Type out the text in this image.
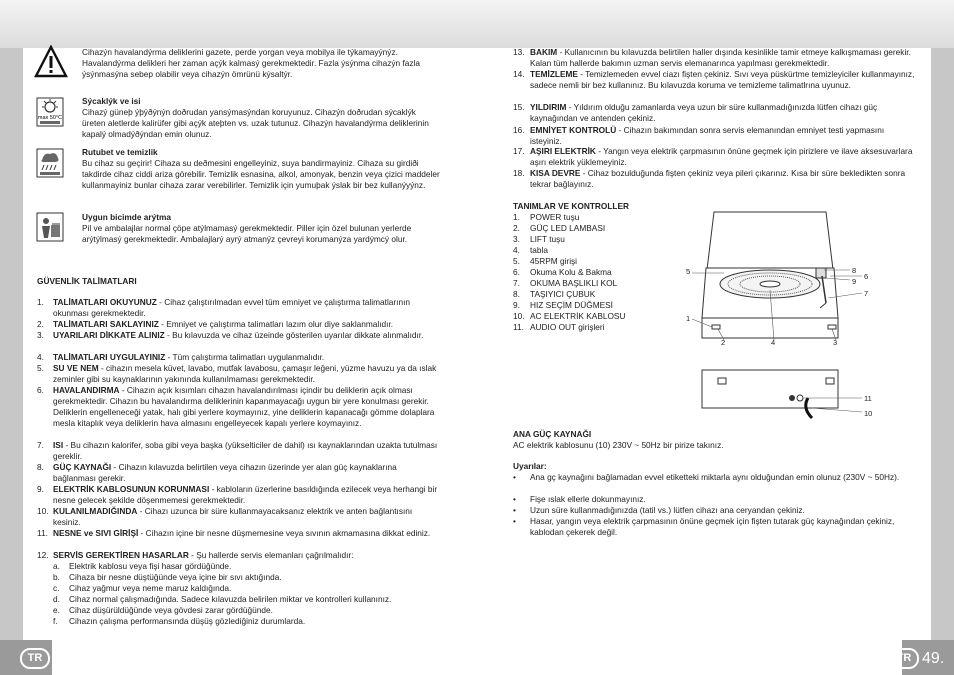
Cihazýn havalandýrma deliklerini gazete, perde yorgan veya mobilya ile týkamayýnýz. Havalandýrma delikleri her zaman açýk kalmasý gerekmektedir. Fazla ýsýnma cihazýn fazla ýsýnmasýna sebep olabilir veya cihazýn ömrünü kýsaltýr.
max 50°C
Sýcaklýk ve isi
Cihazý güneþ ýþýðýnýn doðrudan yansýmasýndan koruyunuz. Cihazýn doðrudan sýcaklýk üreten aletlerde kalirüfer gibi açýk ateþten vs. uzak tutunuz. Cihazýn havalandýrma deliklerinin kapalý olmadýðýndan emin olunuz.
Rutubet ve temizlik
Bu cihaz su geçirir! Cihaza su deðmesini engelleyiniz, suya bandirmayiniz. Cihaza su girdiði takdirde cihaz ciddi ariza görebilir. Temizlik esnasina, alkol, amonyak, benzin veya çizici maddeler kullanmayiniz bunlar cihaza zarar verebilirler. Temizlik için yumuþak ýslak bir bez kullanýyýnz.
Uygun bicimde arýtma
Pil ve ambalajlar normal çöpe atýlmamasý gerekmektedir. Piller için özel bulunan yerlerde arýtýlmasý gerekmektedir. Ambalajlarý ayrý atmanýz çevreyi korumanýza yardýmcý olur.
GÜVENLİK TALİMATLARI
1. TALİMATLARI OKUYUNUZ - Cihaz çalıştırılmadan evvel tüm emniyet ve çalıştırma talimatlarının okunması gerekmektedir.
2. TALİMATLARI SAKLAYINIZ - Emniyet ve çalıştırma talimatları lazım olur diye saklanmalıdır.
3. UYARILARI DİKKATE ALINIZ - Bu kılavuzda ve cihaz üzeinde gösterilen uyarılar dikkate alınmalıdır.
4. TALİMATLARI UYGULAYINIZ - Tüm çalıştırma talimatları uygulanmalıdır.
5. SU VE NEM - cihazın mesela küvet, lavabo, mutfak lavabosu, çamaşır leğeni, yüzme havuzu ya da ıslak zeminler gibi su kaynaklarının yakınında kullanılmaması gerekmektedir.
6. HAVALANDIRMA - Cihazın açık kısımları cihazın havalandırılması içindir bu deliklerin açık olması gerekmektedir. Cihazın bu havalandırma deliklerinin kapanmayacağı uygun bir yere konulması gerekir. Deliklerin engelleneceği yatak, halı gibi yerlere koymayınız, yine deliklerin kapanacağı gömme dolaplara mesla kitaplık veya deliklerin hava almasını engelleyecek kapalı yerlere koymayınız.
7. ISI - Bu cihazın kalorifer, soba gibi veya başka (yükselticiler de dahil) ısı kaynaklarından uzakta tutulması gereklir.
8. GÜÇ KAYNAĞI - Cihazın kılavuzda belirtilen veya cihazın üzerinde yer alan güç kaynaklarına bağlanması gerekir.
9. ELEKTRİK KABLOSUNUN KORUNMASI - kabloların üzerlerine basıldığında ezilecek veya herhangi bir nesne gelecek şekilde döşenmemesi gerekmektedir.
10. KULANILMADIĞINDA - Cihazı uzunca bir süre kullanmayacaksanız elektrik ve anten bağlantısını kesiniz.
11. NESNE ve SIVI GİRİŞİ - Cihazın içine bir nesne düşmemesine veya sıvının akmamasına dikkat ediniz.
12. SERVİS GEREKTİREN HASARLAR - Şu hallerde servis elemanları çağrılmalıdır:
a. Elektrik kablosu veya fişi hasar gördüğünde.
b. Cihaza bir nesne düştüğünde veya içine bir sıvı aktığında.
c. Cihaz yağmur veya neme maruz kaldığında.
d. Cihaz normal çalışmadığında. Sadece kılavuzda belirilen miktar ve kontrolleri kullanınız.
e. Cihaz düşürüldüğünde veya gövdesi zarar gördüğünde.
f. Cihazın çalışma performansında düşüş gözlediğiniz durumlarda.
TR 48.
13. BAKIM - Kullanıcının bu kılavuzda belirtilen haller dışında kesinlikle tamir etmeye kalkışmaması gerekir. Kalan tüm hallerde bakımın uzman servis elemanarınca yapılması gerekmektedir.
14. TEMİZLEME - Temizlemeden evvel ciazı fişten çekiniz. Sıvı veya püskürtme temizleyiciler kullanmayınız, sadece nemli bir bez kullanınız. Bu kılavuzda koruma ve temizleme talimatlrına uyunuz.
15. YILDIRIM - Yıldırım olduğu zamanlarda veya uzun bir süre kullanmadığınızda lütfen cihazı güç kaynağından ve antenden çekiniz.
16. EMNİYET KONTROLÜ - Cihazın bakımından sonra servis elemanından emniyet testi yapmasını isteyiniz.
17. AŞIRI ELEKTRİK - Yangın veya elektrik çarpmasının önüne geçmek için pirizlere ve ilave aksesuvarlara aşırı elektrik yüklemeyiniz.
18. KISA DEVRE - Cihaz bozulduğunda fişten çekiniz veya pileri çıkarınız. Kısa bir süre bekledikten sonra tekrar bağlayınız.
TANIMLAR VE KONTROLLER
1. POWER tuşu
2. GÜÇ LED LAMBASI
3. LIFT tuşu
4. tabla
5. 45RPM girişi
6. Okuma Kolu & Bakma
7. OKUMA BAŞLIKLI KOL
8. TAŞIYICI ÇUBUK
9. HIZ SEÇİM DÜĞMESİ
10. AC ELEKTRİK KABLOSU
11. AUDIO OUT girişleri
5
1
2	4	3
8
6
9
7
11
10
ANA GÜÇ KAYNAĞI
AC elektrik kablosunu (10) 230V ~ 50Hz bir pirize takınız.
Uyarılar:
• Ana gç kaynağını bağlamadan evvel etiketteki miktarla aynı olduğundan emin olunuz (230V ~ 50Hz).
• Fişe ıslak ellerle dokunmayınız.
• Uzun süre kullanmadığınızda (tatil vs.) lütfen cihazı ana ceryandan çekiniz.
• Hasar, yangın veya elektrik çarpmasının önüne geçmek için fişten tutarak güç kaynağından çekiniz, kablodan çekerek değil.
TR 49.
